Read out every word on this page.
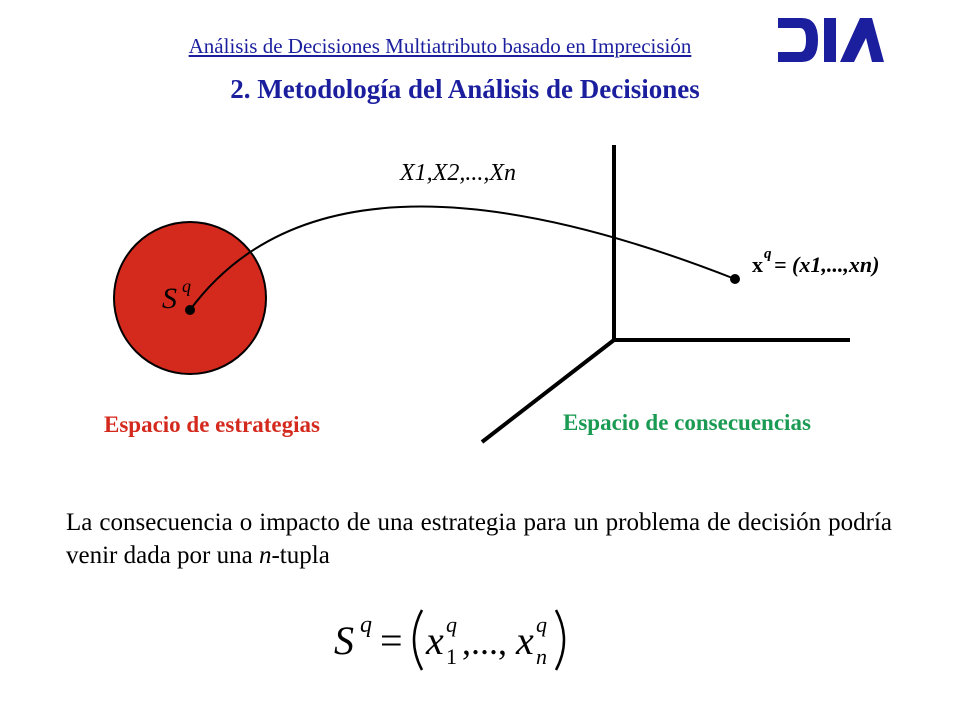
Análisis de Decisiones Multiatributo basado en Imprecisión
2. Metodología del Análisis de Decisiones
S q
X1,X2,...,Xn
x q = (x1,...,xn)
Espacio de estrategias	Espacio de consecuencias
La consecuencia o impacto de una estrategia para un problema de decisión podría venir dada por una n-tupla
S q = x q
1 ,..., x q
n
